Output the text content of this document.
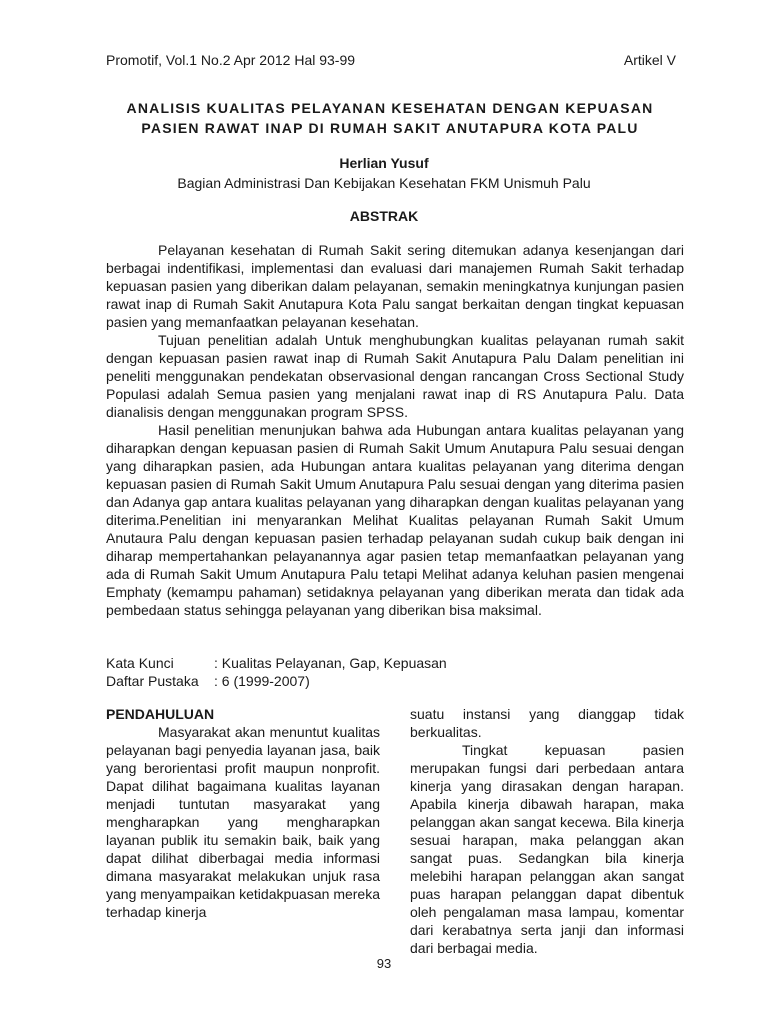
Promotif, Vol.1 No.2 Apr 2012 Hal 93-99	Artikel V
ANALISIS KUALITAS PELAYANAN KESEHATAN DENGAN KEPUASAN
PASIEN RAWAT INAP DI RUMAH SAKIT ANUTAPURA KOTA PALU
Herlian Yusuf
Bagian Administrasi Dan Kebijakan Kesehatan FKM Unismuh Palu
ABSTRAK

Pelayanan kesehatan di Rumah Sakit sering ditemukan adanya kesenjangan dari berbagai indentifikasi, implementasi dan evaluasi dari manajemen Rumah Sakit terhadap kepuasan pasien yang diberikan dalam pelayanan, semakin meningkatnya kunjungan pasien rawat inap di Rumah Sakit Anutapura Kota Palu sangat berkaitan dengan tingkat kepuasan pasien yang memanfaatkan pelayanan kesehatan.

Tujuan penelitian adalah Untuk menghubungkan kualitas pelayanan rumah sakit dengan kepuasan pasien rawat inap di Rumah Sakit Anutapura Palu Dalam penelitian ini peneliti menggunakan pendekatan observasional dengan rancangan Cross Sectional Study Populasi adalah Semua pasien yang menjalani rawat inap di RS Anutapura Palu. Data dianalisis dengan menggunakan program SPSS.

Hasil penelitian menunjukan bahwa ada Hubungan antara kualitas pelayanan yang diharapkan dengan kepuasan pasien di Rumah Sakit Umum Anutapura Palu sesuai dengan yang diharapkan pasien, ada Hubungan antara kualitas pelayanan yang diterima dengan kepuasan pasien di Rumah Sakit Umum Anutapura Palu sesuai dengan yang diterima pasien dan Adanya gap antara kualitas pelayanan yang diharapkan dengan kualitas pelayanan yang diterima.Penelitian ini menyarankan Melihat Kualitas pelayanan Rumah Sakit Umum Anutaura Palu dengan kepuasan pasien terhadap pelayanan sudah cukup baik dengan ini diharap mempertahankan pelayanannya agar pasien tetap memanfaatkan pelayanan yang ada di Rumah Sakit Umum Anutapura Palu tetapi Melihat adanya keluhan pasien mengenai Emphaty (kemampu pahaman) setidaknya pelayanan yang diberikan merata dan tidak ada pembedaan status sehingga pelayanan yang diberikan bisa maksimal.

Kata Kunci	: Kualitas Pelayanan, Gap, Kepuasan
Daftar Pustaka	: 6 (1999-2007)
PENDAHULUAN

Masyarakat akan menuntut kualitas pelayanan bagi penyedia layanan jasa, baik yang berorientasi profit maupun nonprofit. Dapat dilihat bagaimana kualitas layanan menjadi tuntutan masyarakat yang mengharapkan yang mengharapkan layanan publik itu semakin baik, baik yang dapat dilihat diberbagai media informasi dimana masyarakat melakukan unjuk rasa yang menyampaikan ketidakpuasan mereka terhadap kinerja

suatu instansi yang dianggap tidak berkualitas.

Tingkat kepuasan pasien merupakan fungsi dari perbedaan antara kinerja yang dirasakan dengan harapan. Apabila kinerja dibawah harapan, maka pelanggan akan sangat kecewa. Bila kinerja sesuai harapan, maka pelanggan akan sangat puas. Sedangkan bila kinerja melebihi harapan pelanggan akan sangat puas harapan pelanggan dapat dibentuk oleh pengalaman masa lampau, komentar dari kerabatnya serta janji dan informasi dari berbagai media.

93
